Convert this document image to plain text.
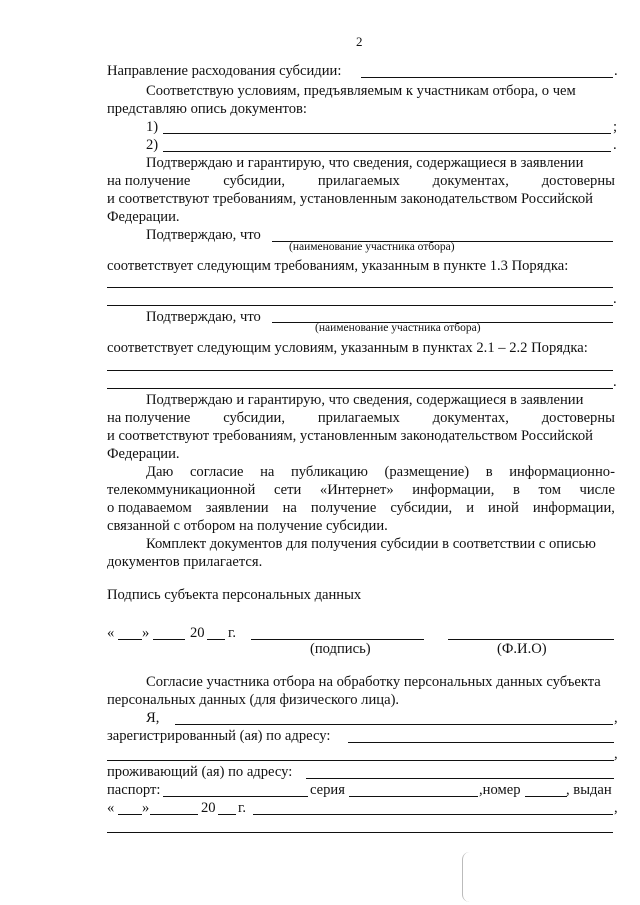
2
Направление расходования субсидии:	.
Соответствую условиям, предъявляемым к участникам отбора, о чем
представляю опись документов:
1)	;
2)	.
Подтверждаю и гарантирую, что сведения, содержащиеся в заявлении
на получение субсидии, прилагаемых документах, достоверны
и соответствуют требованиям, установленным законодательством Российской
Федерации.
Подтверждаю, что
(наименование участника отбора)
соответствует следующим требованиям, указанным в пункте 1.3 Порядка:
.
Подтверждаю, что
(наименование участника отбора)
соответствует следующим условиям, указанным в пунктах 2.1 – 2.2 Порядка:
.
Подтверждаю и гарантирую, что сведения, содержащиеся в заявлении
на получение субсидии, прилагаемых документах, достоверны
и соответствуют требованиям, установленным законодательством Российской
Федерации.
Даю согласие на публикацию (размещение) в информационно-
телекоммуникационной сети «Интернет» информации, в том числе
о подаваемом заявлении на получение субсидии, и иной информации,
связанной с отбором на получение субсидии.
Комплект документов для получения субсидии в соответствии с описью
документов прилагается.
Подпись субъекта персональных данных
« »	20 г.
(подпись)	(Ф.И.О)
Согласие участника отбора на обработку персональных данных субъекта
персональных данных (для физического лица).
Я,	,
зарегистрированный (ая) по адресу:
,
проживающий (ая) по адресу:
паспорт:	серия	,номер	, выдан
« »	20 г.	,
